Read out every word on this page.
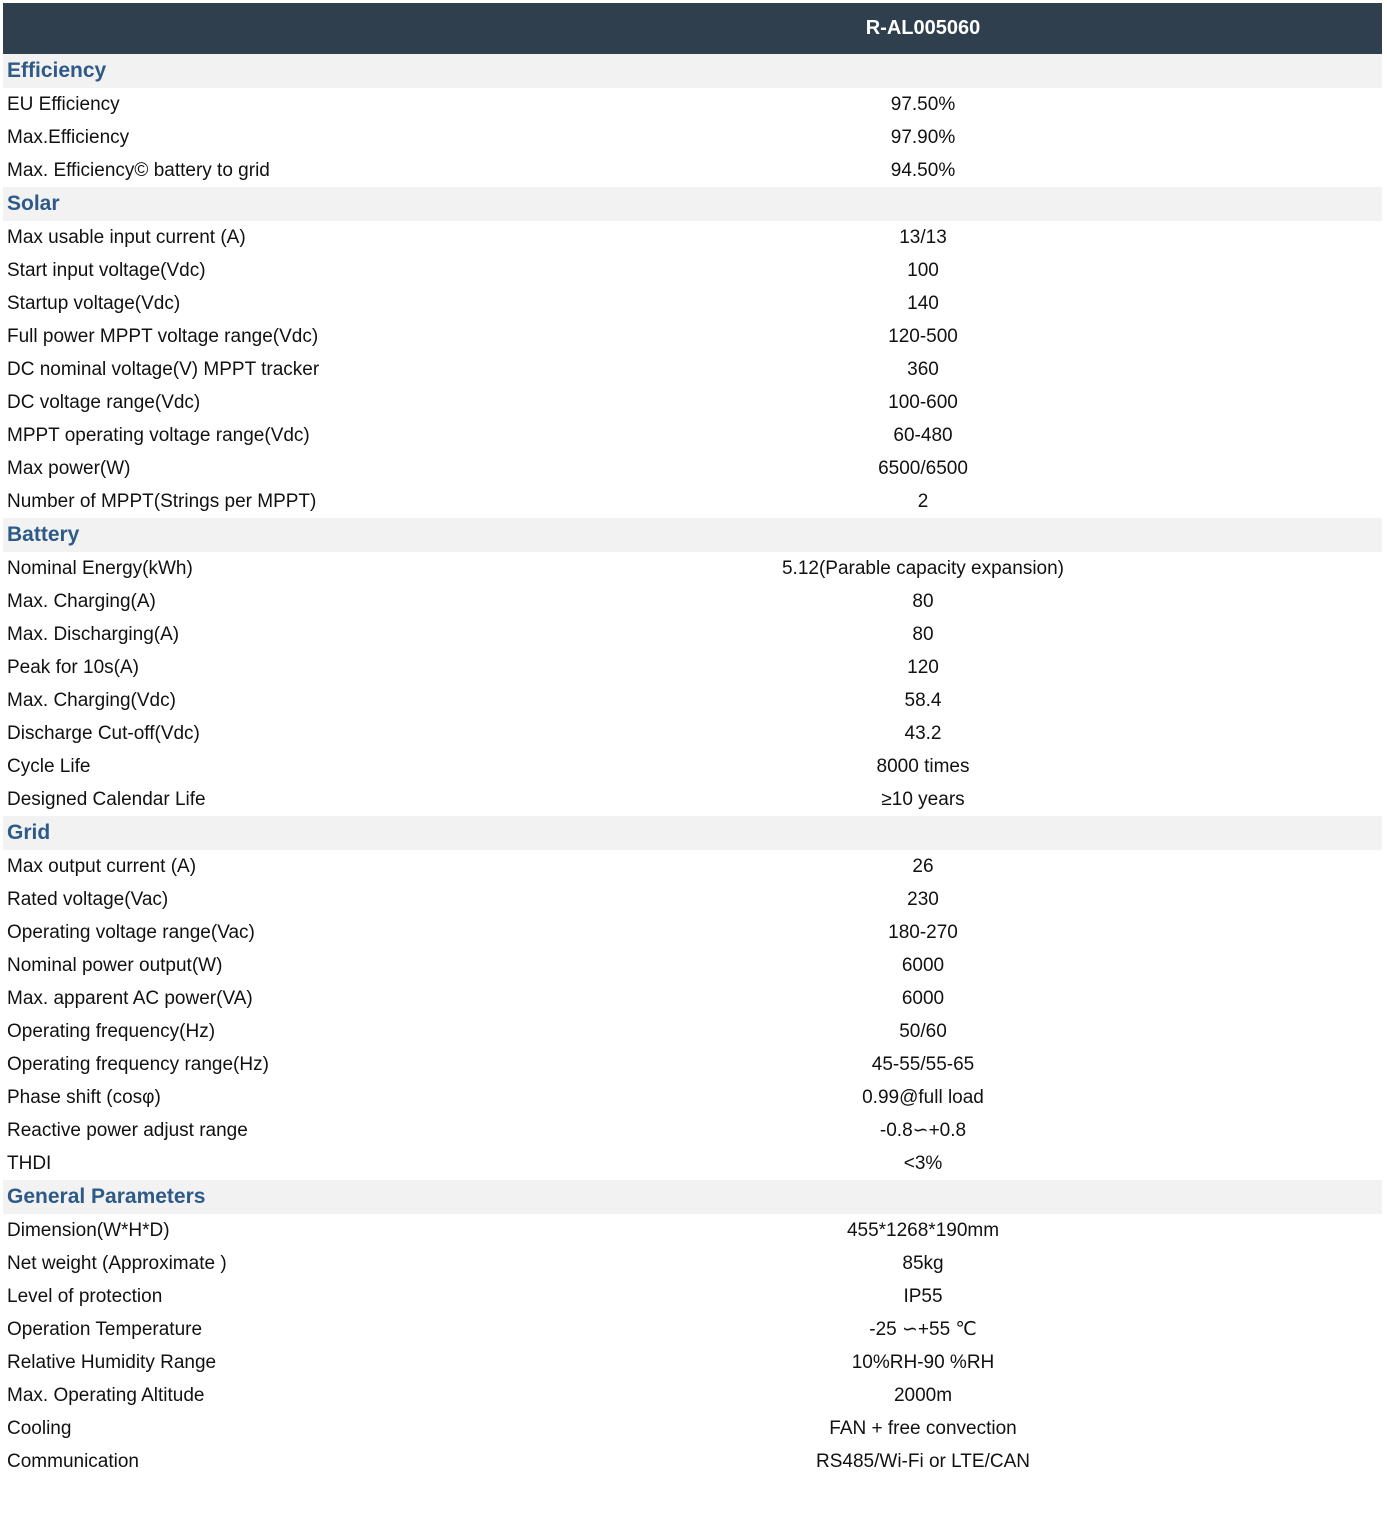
R-AL005060
Efficiency
EU Efficiency	97.50%
Max.Efficiency	97.90%
Max. Efficiency© battery to grid	94.50%
Solar
Max usable input current (A)	13/13
Start input voltage(Vdc)	100
Startup voltage(Vdc)	140
Full power MPPT voltage range(Vdc)	120-500
DC nominal voltage(V) MPPT tracker	360
DC voltage range(Vdc)	100-600
MPPT operating voltage range(Vdc)	60-480
Max power(W)	6500/6500
Number of MPPT(Strings per MPPT)	2
Battery
Nominal Energy(kWh)	5.12(Parable capacity expansion)
Max. Charging(A)	80
Max. Discharging(A)	80
Peak for 10s(A)	120
Max. Charging(Vdc)	58.4
Discharge Cut-off(Vdc)	43.2
Cycle Life	8000 times
Designed Calendar Life	≥10 years
Grid
Max output current (A)	26
Rated voltage(Vac)	230
Operating voltage range(Vac)	180-270
Nominal power output(W)	6000
Max. apparent AC power(VA)	6000
Operating frequency(Hz)	50/60
Operating frequency range(Hz)	45-55/55-65
Phase shift (cosφ)	0.99@full load
Reactive power adjust range	-0.8∽+0.8
THDI	<3%
General Parameters
Dimension(W*H*D)	455*1268*190mm
Net weight (Approximate )	85kg
Level of protection	IP55
Operation Temperature	-25 ∽+55 ℃
Relative Humidity Range	10%RH-90 %RH
Max. Operating Altitude	2000m
Cooling	FAN + free convection
Communication	RS485/Wi-Fi or LTE/CAN
